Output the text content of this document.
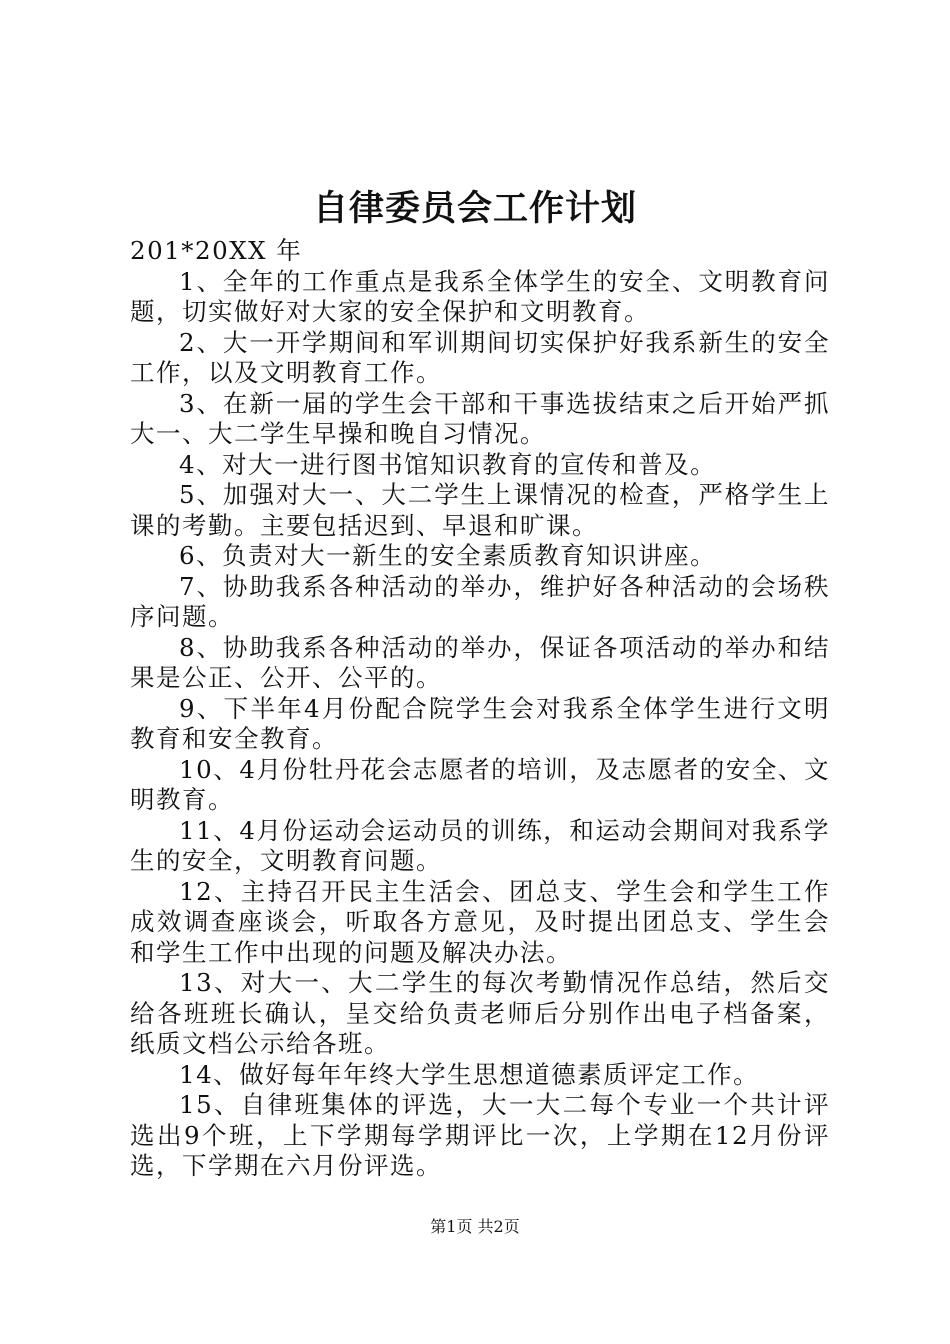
自律委员会工作计划

201*20XX 年

1、全年的工作重点是我系全体学生的安全、文明教育问题，切实做好对大家的安全保护和文明教育。

2、大一开学期间和军训期间切实保护好我系新生的安全工作，以及文明教育工作。

3、在新一届的学生会干部和干事选拔结束之后开始严抓大一、大二学生早操和晚自习情况。

4、对大一进行图书馆知识教育的宣传和普及。

5、加强对大一、大二学生上课情况的检查，严格学生上课的考勤。主要包括迟到、早退和旷课。

6、负责对大一新生的安全素质教育知识讲座。

7、协助我系各种活动的举办，维护好各种活动的会场秩序问题。

8、协助我系各种活动的举办，保证各项活动的举办和结果是公正、公开、公平的。

9、下半年4月份配合院学生会对我系全体学生进行文明教育和安全教育。

10、4月份牡丹花会志愿者的培训，及志愿者的安全、文明教育。

11、4月份运动会运动员的训练，和运动会期间对我系学生的安全，文明教育问题。

12、主持召开民主生活会、团总支、学生会和学生工作成效调查座谈会，听取各方意见，及时提出团总支、学生会和学生工作中出现的问题及解决办法。

13、对大一、大二学生的每次考勤情况作总结，然后交给各班班长确认，呈交给负责老师后分别作出电子档备案，纸质文档公示给各班。

14、做好每年年终大学生思想道德素质评定工作。

15、自律班集体的评选，大一大二每个专业一个共计评选出9个班，上下学期每学期评比一次，上学期在12月份评选，下学期在六月份评选。

第1页 共2页
